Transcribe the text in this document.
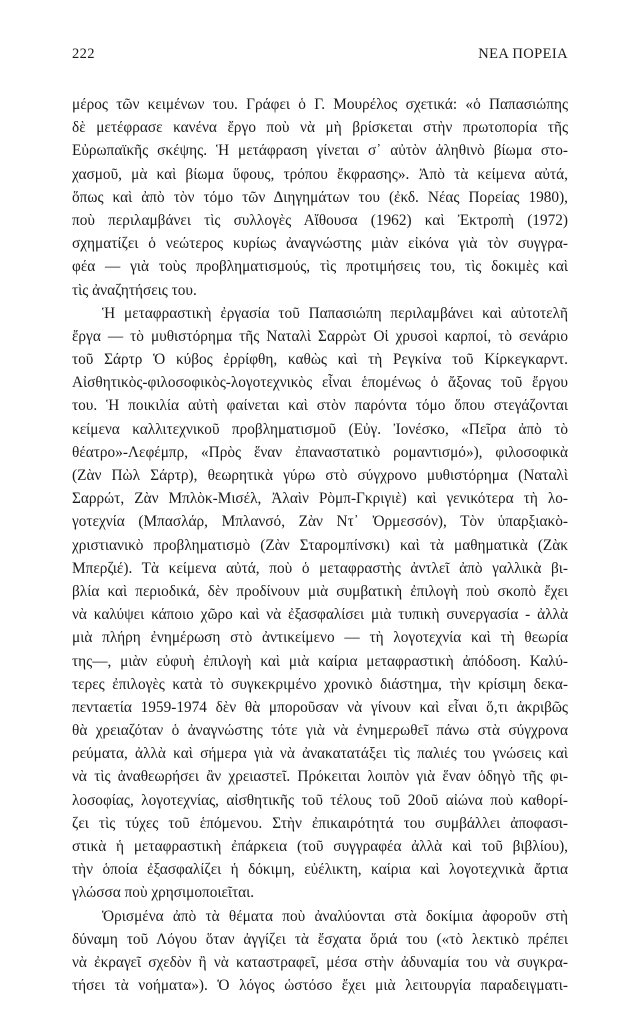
222	ΝΕΑ ΠΟΡΕΙΑ
μέρος τῶν κειμένων του. Γράφει ὁ Γ. Μουρέλος σχετικά: «ὁ Παπασιώπης
δὲ μετέφρασε κανένα ἔργο ποὺ νὰ μὴ βρίσκεται στὴν πρωτοπορία τῆς
Εὐρωπαϊκῆς σκέψης. Ἡ μετάφραση γίνεται σ᾽ αὐτὸν ἀληθινὸ βίωμα στο-
χασμοῦ, μὰ καὶ βίωμα ὕφους, τρόπου ἔκφρασης». Ἀπὸ τὰ κείμενα αὐτά,
ὅπως καὶ ἀπὸ τὸν τόμο τῶν Διηγημάτων του (ἐκδ. Νέας Πορείας 1980),
ποὺ περιλαμβάνει τὶς συλλογὲς Αἴθουσα (1962) καὶ Ἐκτροπὴ (1972)
σχηματίζει ὁ νεώτερος κυρίως ἀναγνώστης μιὰν εἰκόνα γιὰ τὸν συγγρα-
φέα — γιὰ τοὺς προβληματισμούς, τὶς προτιμήσεις του, τὶς δοκιμὲς καὶ
τὶς ἀναζητήσεις του.
Ἡ μεταφραστικὴ ἐργασία τοῦ Παπασιώπη περιλαμβάνει καὶ αὐτοτελῆ
ἔργα — τὸ μυθιστόρημα τῆς Ναταλὶ Σαρρὼτ Οἱ χρυσοὶ καρποί, τὸ σενάριο
τοῦ Σάρτρ Ὁ κύβος ἐρρίφθη, καθὼς καὶ τὴ Ρεγκίνα τοῦ Κίρκεγκαρντ.
Αἰσθητικὸς-φιλοσοφικὸς-λογοτεχνικὸς εἶναι ἑπομένως ὁ ἄξονας τοῦ ἔργου
του. Ἡ ποικιλία αὐτὴ φαίνεται καὶ στὸν παρόντα τόμο ὅπου στεγάζονται
κείμενα καλλιτεχνικοῦ προβληματισμοῦ (Εὐγ. Ἰονέσκο, «Πεῖρα ἀπὸ τὸ
θέατρο»-Λεφέμπρ, «Πρὸς ἕναν ἐπαναστατικὸ ρομαντισμό»), φιλοσοφικὰ
(Ζὰν Πὼλ Σάρτρ), θεωρητικὰ γύρω στὸ σύγχρονο μυθιστόρημα (Ναταλὶ
Σαρρώτ, Ζὰν Μπλὸκ-Μισέλ, Ἀλαὶν Ρὸμπ-Γκριγιὲ) καὶ γενικότερα τὴ λο-
γοτεχνία (Μπασλάρ, Μπλανσό, Ζὰν Ντ᾽ Ὀρμεσσόν), Τὸν ὑπαρξιακὸ-
χριστιανικὸ προβληματισμὸ (Ζὰν Σταρομπίνσκι) καὶ τὰ μαθηματικὰ (Ζὰκ
Μπερζιέ). Τὰ κείμενα αὐτά, ποὺ ὁ μεταφραστὴς ἀντλεῖ ἀπὸ γαλλικὰ βι-
βλία καὶ περιοδικά, δὲν προδίνουν μιὰ συμβατικὴ ἐπιλογὴ ποὺ σκοπὸ ἔχει
νὰ καλύψει κάποιο χῶρο καὶ νὰ ἐξασφαλίσει μιὰ τυπικὴ συνεργασία - ἀλλὰ
μιὰ πλήρη ἐνημέρωση στὸ ἀντικείμενο — τὴ λογοτεχνία καὶ τὴ θεωρία
της—, μιὰν εὐφυὴ ἐπιλογὴ καὶ μιὰ καίρια μεταφραστικὴ ἀπόδοση. Καλύ-
τερες ἐπιλογὲς κατὰ τὸ συγκεκριμένο χρονικὸ διάστημα, τὴν κρίσιμη δεκα-
πενταετία 1959-1974 δὲν θὰ μποροῦσαν νὰ γίνουν καὶ εἶναι ὅ,τι ἀκριβῶς
θὰ χρειαζόταν ὁ ἀναγνώστης τότε γιὰ νὰ ἐνημερωθεῖ πάνω στὰ σύγχρονα
ρεύματα, ἀλλὰ καὶ σήμερα γιὰ νὰ ἀνακατατάξει τὶς παλιές του γνώσεις καὶ
νὰ τὶς ἀναθεωρήσει ἂν χρειαστεῖ. Πρόκειται λοιπὸν γιὰ ἕναν ὁδηγὸ τῆς φι-
λοσοφίας, λογοτεχνίας, αἰσθητικῆς τοῦ τέλους τοῦ 20οῦ αἰώνα ποὺ καθορί-
ζει τὶς τύχες τοῦ ἑπόμενου. Στὴν ἐπικαιρότητά του συμβάλλει ἀποφασι-
στικὰ ἡ μεταφραστικὴ ἐπάρκεια (τοῦ συγγραφέα ἀλλὰ καὶ τοῦ βιβλίου),
τὴν ὁποία ἐξασφαλίζει ἡ δόκιμη, εὐέλικτη, καίρια καὶ λογοτεχνικὰ ἄρτια
γλώσσα ποὺ χρησιμοποιεῖται.
Ὁρισμένα ἀπὸ τὰ θέματα ποὺ ἀναλύονται στὰ δοκίμια ἀφοροῦν στὴ
δύναμη τοῦ Λόγου ὅταν ἀγγίζει τὰ ἔσχατα ὅριά του («τὸ λεκτικὸ πρέπει
νὰ ἐκραγεῖ σχεδὸν ἢ νὰ καταστραφεῖ, μέσα στὴν ἀδυναμία του νὰ συγκρα-
τήσει τὰ νοήματα»). Ὁ λόγος ὡστόσο ἔχει μιὰ λειτουργία παραδειγματι-
